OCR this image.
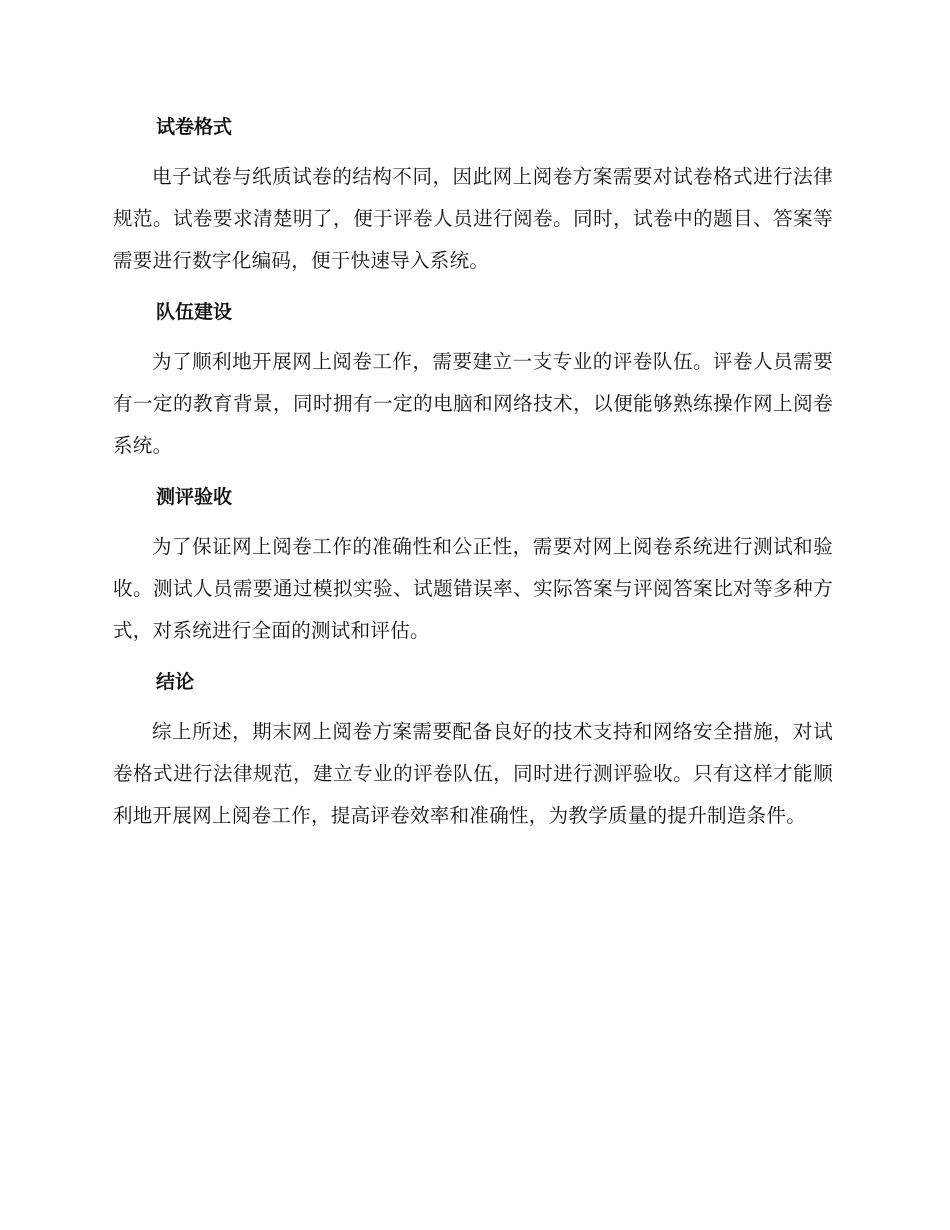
试卷格式

电子试卷与纸质试卷的结构不同，因此网上阅卷方案需要对试卷格式进行法律规范。试卷要求清楚明了，便于评卷人员进行阅卷。同时，试卷中的题目、答案等需要进行数字化编码，便于快速导入系统。

队伍建设

为了顺利地开展网上阅卷工作，需要建立一支专业的评卷队伍。评卷人员需要有一定的教育背景，同时拥有一定的电脑和网络技术，以便能够熟练操作网上阅卷系统。

测评验收

为了保证网上阅卷工作的准确性和公正性，需要对网上阅卷系统进行测试和验收。测试人员需要通过模拟实验、试题错误率、实际答案与评阅答案比对等多种方式，对系统进行全面的测试和评估。

结论

综上所述，期末网上阅卷方案需要配备良好的技术支持和网络安全措施，对试卷格式进行法律规范，建立专业的评卷队伍，同时进行测评验收。只有这样才能顺利地开展网上阅卷工作，提高评卷效率和准确性，为教学质量的提升制造条件。
